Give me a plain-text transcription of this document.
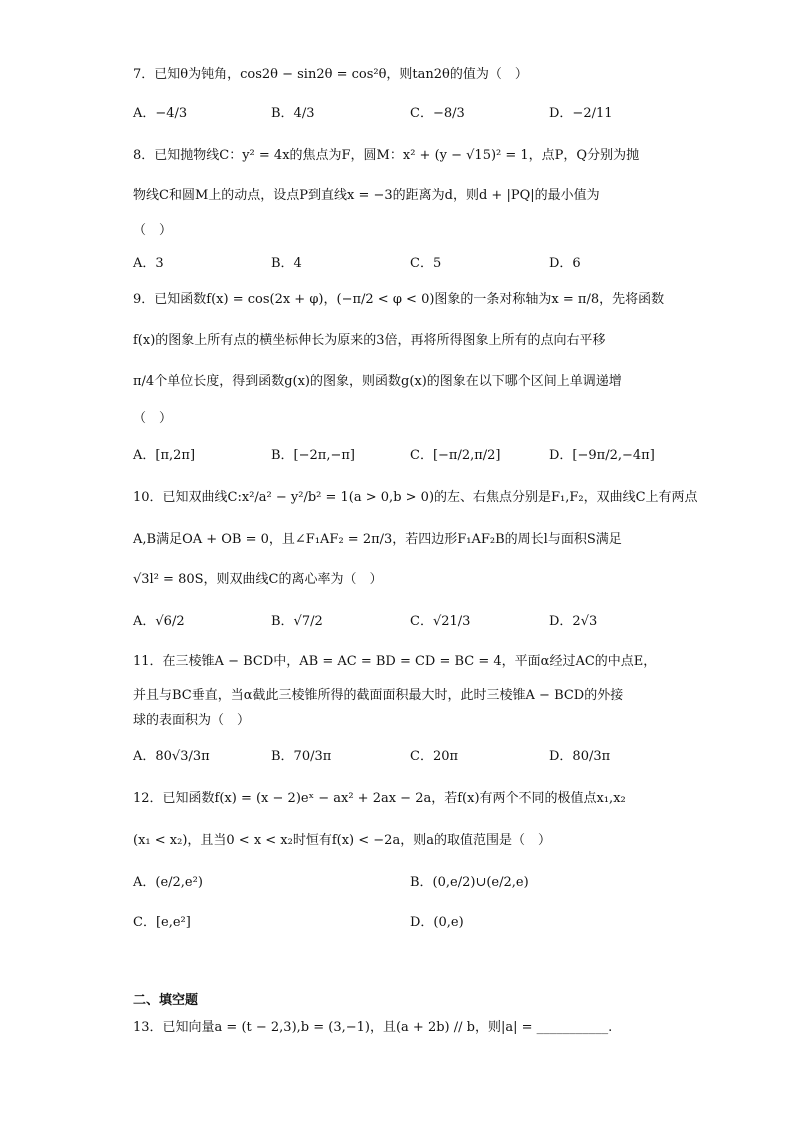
7．已知θ为钝角，cos2θ − sin2θ = cos²θ，则tan2θ的值为（　）
A．−4/3	B．4/3	C．−8/3	D．−2/11
8．已知抛物线C：y² = 4x的焦点为F，圆M：x² + (y − √15)² = 1，点P，Q分别为抛
物线C和圆M上的动点，设点P到直线x = −3的距离为d，则d + |PQ|的最小值为
（　）
A．3	B．4	C．5	D．6
9．已知函数f(x) = cos(2x + φ)，(−π/2 < φ < 0)图象的一条对称轴为x = π/8，先将函数
f(x)的图象上所有点的横坐标伸长为原来的3倍，再将所得图象上所有的点向右平移
π/4个单位长度，得到函数g(x)的图象，则函数g(x)的图象在以下哪个区间上单调递增
（　）
A．[π,2π]	B．[−2π,−π]	C．[−π/2,π/2]	D．[−9π/2,−4π]
10．已知双曲线C:x²/a² − y²/b² = 1(a > 0,b > 0)的左、右焦点分别是F₁,F₂，双曲线C上有两点
A,B满足OA + OB = 0，且∠F₁AF₂ = 2π/3，若四边形F₁AF₂B的周长l与面积S满足
√3l² = 80S，则双曲线C的离心率为（　）
A．√6/2	B．√7/2	C．√21/3	D．2√3
11．在三棱锥A − BCD中，AB = AC = BD = CD = BC = 4，平面α经过AC的中点E，
并且与BC垂直，当α截此三棱锥所得的截面面积最大时，此时三棱锥A − BCD的外接
球的表面积为（　）
A．80√3/3π	B．70/3π	C．20π	D．80/3π
12．已知函数f(x) = (x − 2)eˣ − ax² + 2ax − 2a，若f(x)有两个不同的极值点x₁,x₂
(x₁ < x₂)，且当0 < x < x₂时恒有f(x) < −2a，则a的取值范围是（　）
A．(e/2,e²)	B．(0,e/2)∪(e/2,e)
C．[e,e²]	D．(0,e)
二、填空题
13．已知向量a = (t − 2,3),b = (3,−1)，且(a + 2b) // b，则|a| = ___________.
